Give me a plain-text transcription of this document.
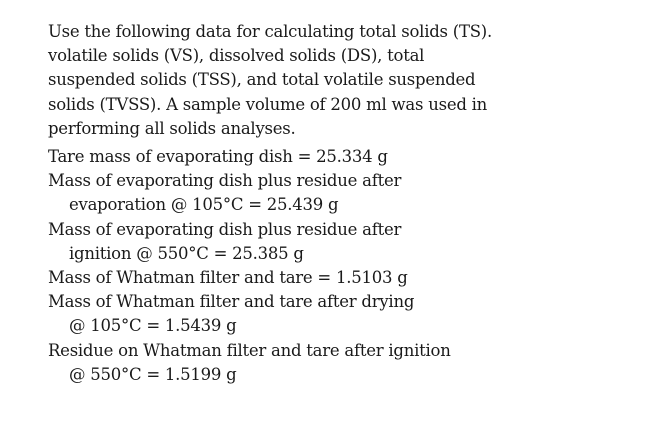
Use the following data for calculating total solids (TS).
volatile solids (VS), dissolved solids (DS), total
suspended solids (TSS), and total volatile suspended
solids (TVSS). A sample volume of 200 ml was used in
performing all solids analyses.
Tare mass of evaporating dish = 25.334 g
Mass of evaporating dish plus residue after
evaporation @ 105°C = 25.439 g
Mass of evaporating dish plus residue after
ignition @ 550°C = 25.385 g
Mass of Whatman filter and tare = 1.5103 g
Mass of Whatman filter and tare after drying
@ 105°C = 1.5439 g
Residue on Whatman filter and tare after ignition
@ 550°C = 1.5199 g
